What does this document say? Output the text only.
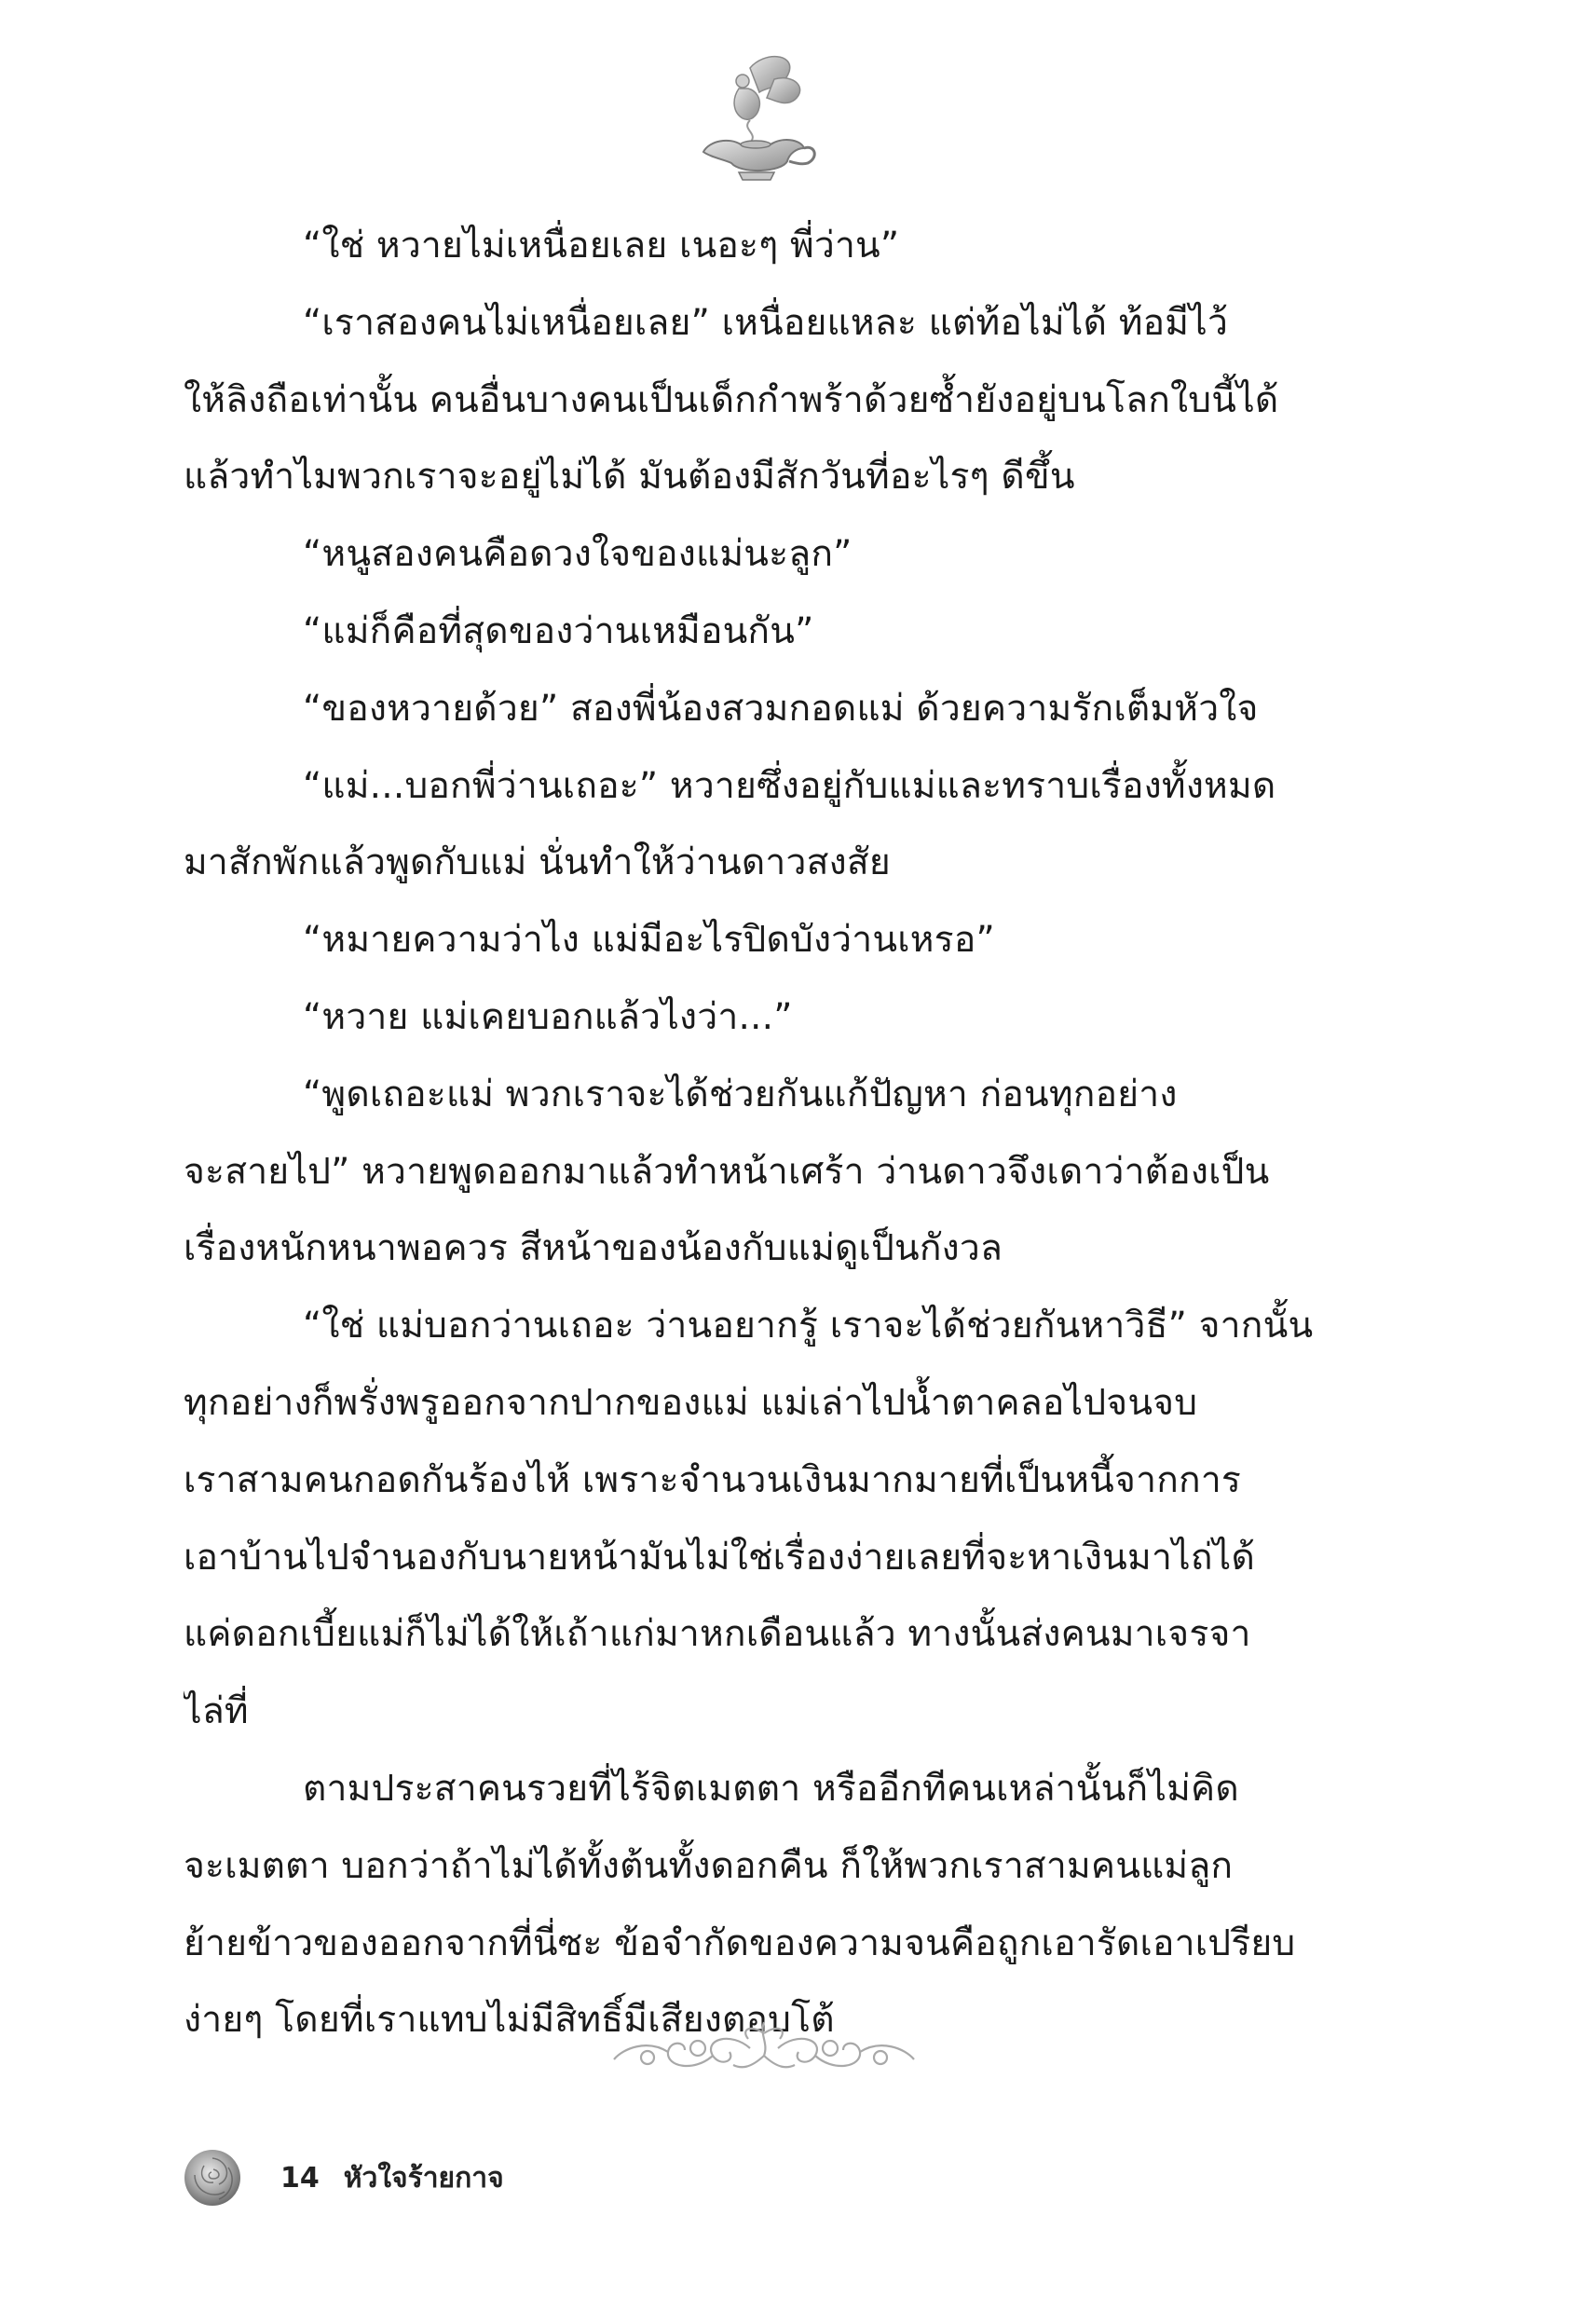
“ใช่ หวายไม่เหนื่อยเลย เนอะๆ พี่ว่าน”
“เราสองคนไม่เหนื่อยเลย” เหนื่อยแหละ แต่ท้อไม่ได้ ท้อมีไว้
ให้ลิงถือเท่านั้น คนอื่นบางคนเป็นเด็กกำพร้าด้วยซ้ำยังอยู่บนโลกใบนี้ได้
แล้วทำไมพวกเราจะอยู่ไม่ได้ มันต้องมีสักวันที่อะไรๆ ดีขึ้น
“หนูสองคนคือดวงใจของแม่นะลูก”
“แม่ก็คือที่สุดของว่านเหมือนกัน”
“ของหวายด้วย” สองพี่น้องสวมกอดแม่ ด้วยความรักเต็มหัวใจ
“แม่...บอกพี่ว่านเถอะ” หวายซึ่งอยู่กับแม่และทราบเรื่องทั้งหมด
มาสักพักแล้วพูดกับแม่ นั่นทำให้ว่านดาวสงสัย
“หมายความว่าไง แม่มีอะไรปิดบังว่านเหรอ”
“หวาย แม่เคยบอกแล้วไงว่า...”
“พูดเถอะแม่ พวกเราจะได้ช่วยกันแก้ปัญหา ก่อนทุกอย่าง
จะสายไป” หวายพูดออกมาแล้วทำหน้าเศร้า ว่านดาวจึงเดาว่าต้องเป็น
เรื่องหนักหนาพอควร สีหน้าของน้องกับแม่ดูเป็นกังวล
“ใช่ แม่บอกว่านเถอะ ว่านอยากรู้ เราจะได้ช่วยกันหาวิธี” จากนั้น
ทุกอย่างก็พรั่งพรูออกจากปากของแม่ แม่เล่าไปน้ำตาคลอไปจนจบ
เราสามคนกอดกันร้องไห้ เพราะจำนวนเงินมากมายที่เป็นหนี้จากการ
เอาบ้านไปจำนองกับนายหน้ามันไม่ใช่เรื่องง่ายเลยที่จะหาเงินมาไถ่ได้
แค่ดอกเบี้ยแม่ก็ไม่ได้ให้เถ้าแก่มาหกเดือนแล้ว ทางนั้นส่งคนมาเจรจา
ไล่ที่
ตามประสาคนรวยที่ไร้จิตเมตตา หรืออีกทีคนเหล่านั้นก็ไม่คิด
จะเมตตา บอกว่าถ้าไม่ได้ทั้งต้นทั้งดอกคืน ก็ให้พวกเราสามคนแม่ลูก
ย้ายข้าวของออกจากที่นี่ซะ ข้อจำกัดของความจนคือถูกเอารัดเอาเปรียบ
ง่ายๆ โดยที่เราแทบไม่มีสิทธิ์มีเสียงตอบโต้
14 หัวใจร้ายกาจ
